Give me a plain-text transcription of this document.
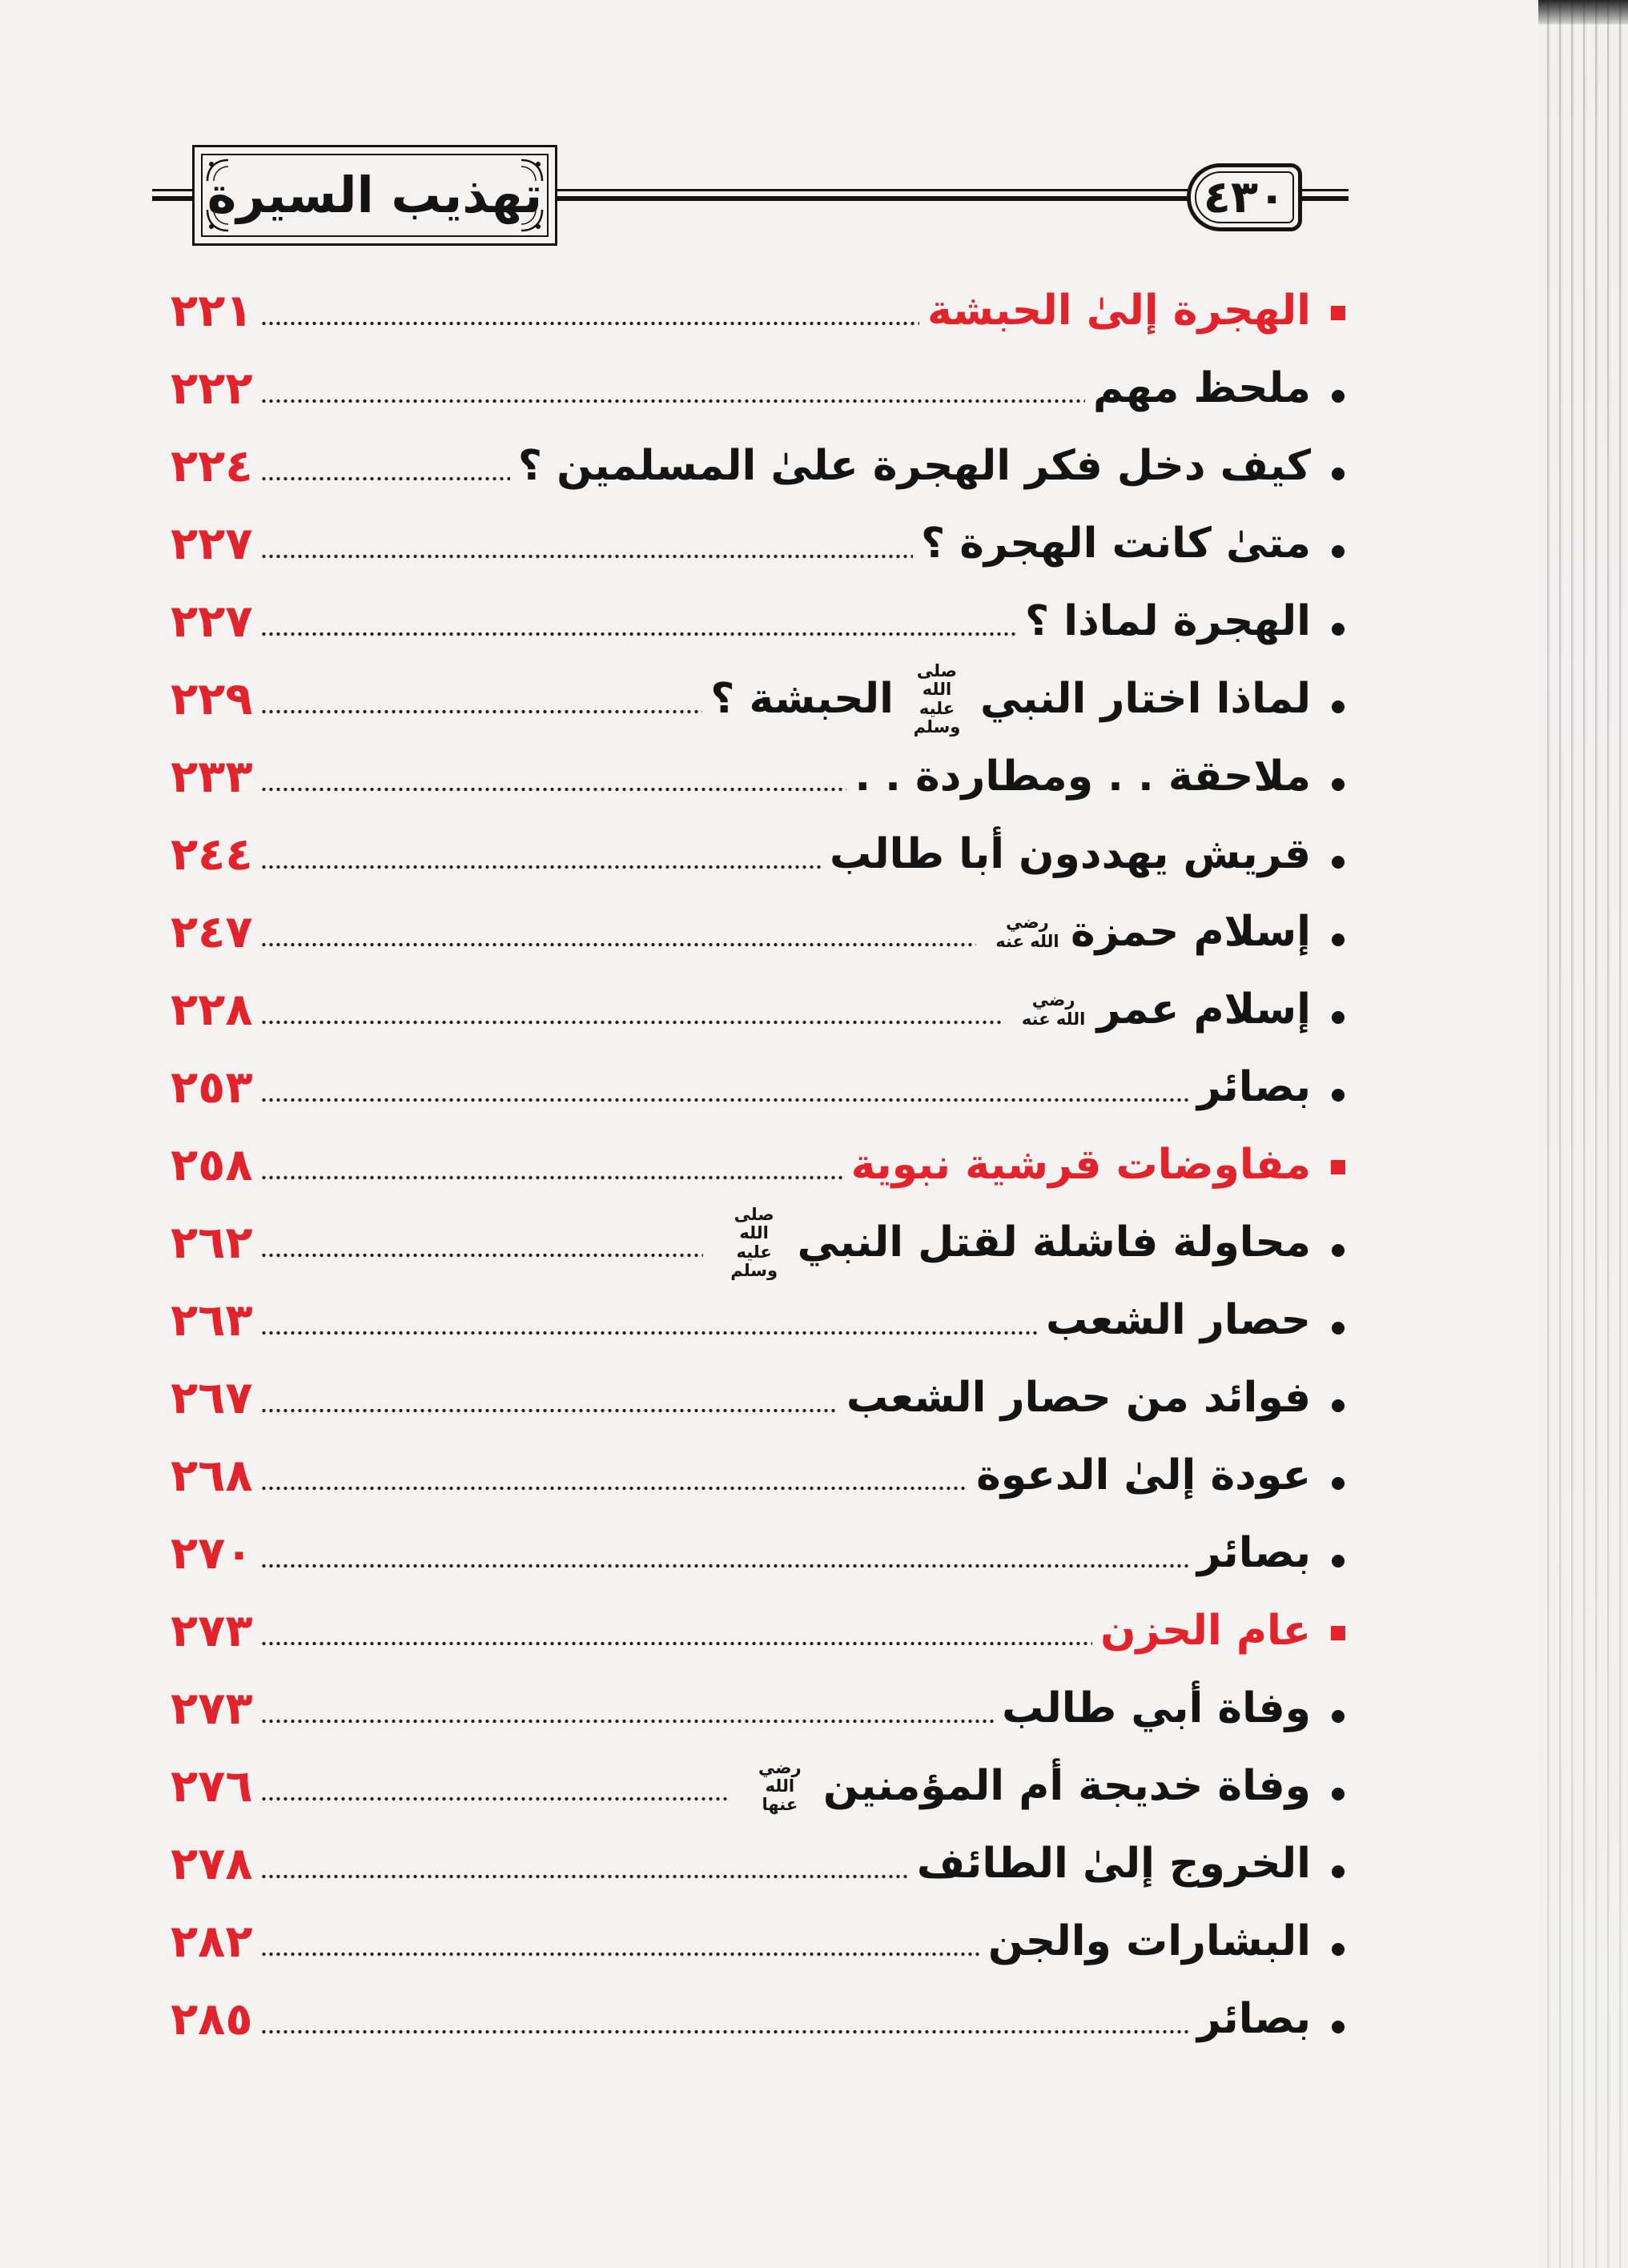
تهذيب السيرة	٤٣٠
الهجرة إلىٰ الحبشة
٢٢١
ملحظ مهم
٢٢٢
كيف دخل فكر الهجرة علىٰ المسلمين ؟
٢٢٤
متىٰ كانت الهجرة ؟
٢٢٧
الهجرة لماذا ؟
٢٢٧
لماذا اختار النبي
صلى الله عليه وسلم
الحبشة ؟
٢٢٩
ملاحقة . . ومطاردة . .
٢٣٣
قريش يهددون أبا طالب
٢٤٤
إسلام حمزة
رضي الله عنه
٢٤٧
إسلام عمر
رضي الله عنه
٢٢٨
بصائر
٢٥٣
مفاوضات قرشية نبوية
٢٥٨
محاولة فاشلة لقتل النبي
صلى الله عليه وسلم
٢٦٢
حصار الشعب
٢٦٣
فوائد من حصار الشعب
٢٦٧
عودة إلىٰ الدعوة
٢٦٨
بصائر
٢٧٠
عام الحزن
٢٧٣
وفاة أبي طالب
٢٧٣
وفاة خديجة أم المؤمنين
رضي الله عنها
٢٧٦
الخروج إلىٰ الطائف
٢٧٨
البشارات والجن
٢٨٢
بصائر
٢٨٥
